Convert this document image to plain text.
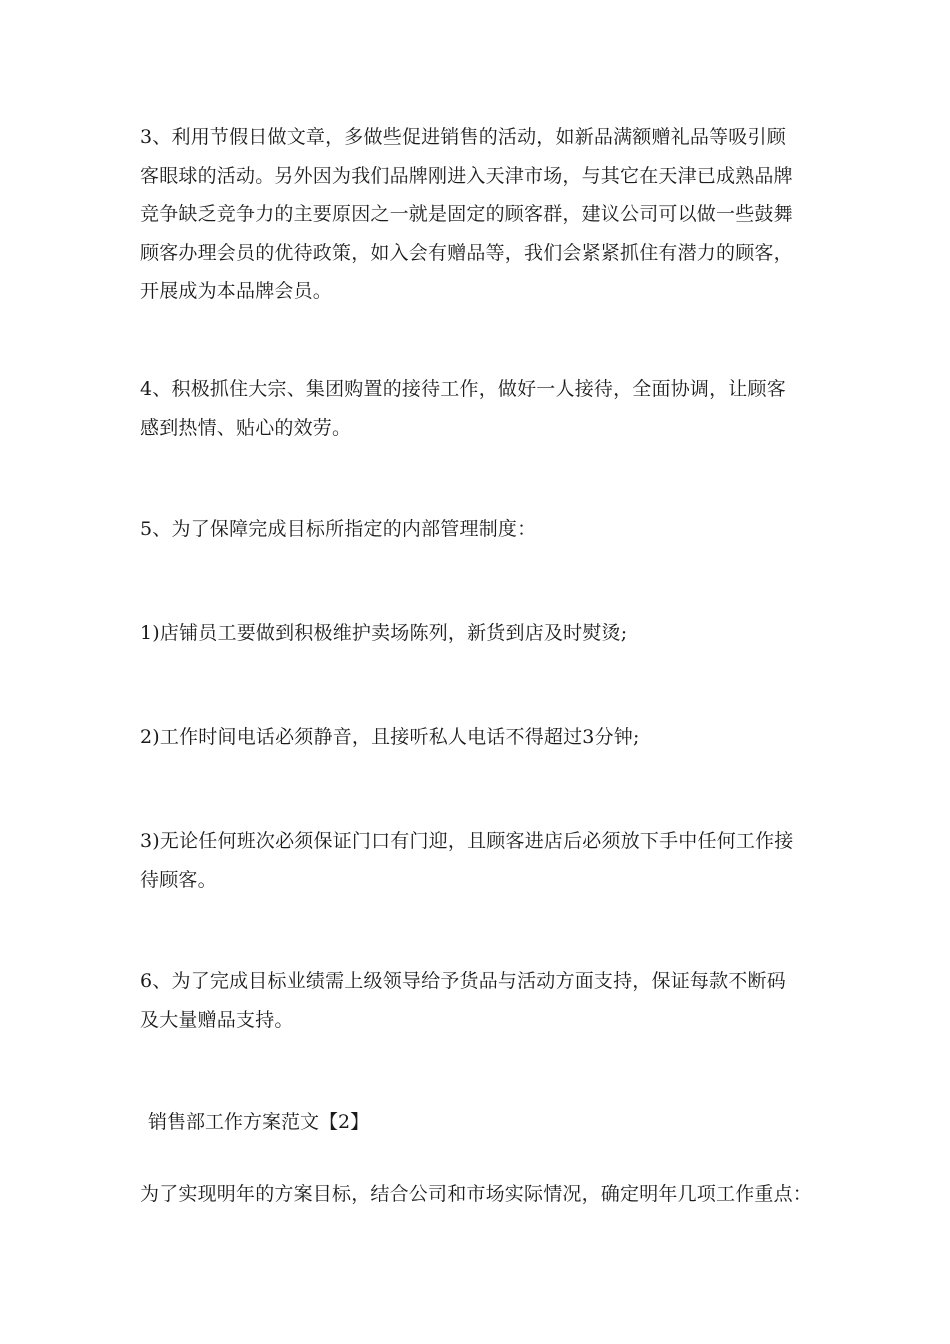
3、利用节假日做文章，多做些促进销售的活动，如新品满额赠礼品等吸引顾
客眼球的活动。另外因为我们品牌刚进入天津市场，与其它在天津已成熟品牌
竞争缺乏竞争力的主要原因之一就是固定的顾客群，建议公司可以做一些鼓舞
顾客办理会员的优待政策，如入会有赠品等，我们会紧紧抓住有潜力的顾客，
开展成为本品牌会员。
4、积极抓住大宗、集团购置的接待工作，做好一人接待，全面协调，让顾客
感到热情、贴心的效劳。
5、为了保障完成目标所指定的内部管理制度：
1)店铺员工要做到积极维护卖场陈列，新货到店及时熨烫;
2)工作时间电话必须静音，且接听私人电话不得超过3分钟;
3)无论任何班次必须保证门口有门迎，且顾客进店后必须放下手中任何工作接
待顾客。
6、为了完成目标业绩需上级领导给予货品与活动方面支持，保证每款不断码
及大量赠品支持。
销售部工作方案范文【2】
为了实现明年的方案目标，结合公司和市场实际情况，确定明年几项工作重点：
